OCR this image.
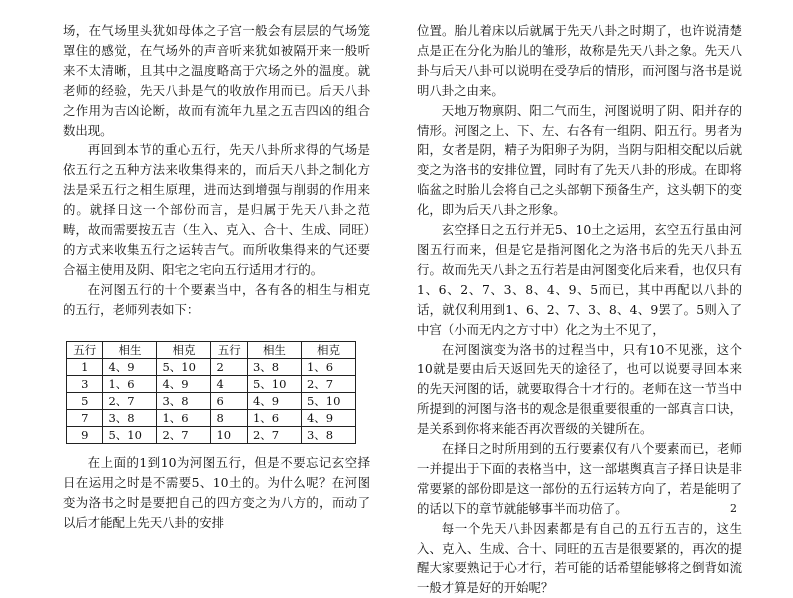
场，在气场里头犹如母体之子宫一般会有层层的气场笼罩住的感觉，在气场外的声音听来犹如被隔开来一般听来不太清晰，且其中之温度略高于穴场之外的温度。就老师的经验，先天八卦是气的收放作用而已。后天八卦之作用为吉凶论断，故而有流年九星之五吉四凶的组合数出现。

再回到本节的重心五行，先天八卦所求得的气场是依五行之五种方法来收集得来的，而后天八卦之制化方法是采五行之相生原理，进而达到增强与削弱的作用来的。就择日这一个部份而言，是归属于先天八卦之范畴，故而需要按五吉（生入、克入、合十、生成、同旺）的方式来收集五行之运转吉气。而所收集得来的气还要合福主使用及阴、阳宅之宅向五行适用才行的。

在河图五行的十个要素当中，各有各的相生与相克的五行，老师列表如下：

五行	相生	相克	五行	相生	相克
1	4、9	5、10	2	3、8	1、6
3	1、6	4、9	4	5、10	2、7
5	2、7	3、8	6	4、9	5、10
7	3、8	1、6	8	1、6	4、9
9	5、10	2、7	10	2、7	3、8

在上面的1到10为河图五行，但是不要忘记玄空择日在运用之时是不需要5、10土的。为什么呢？在河图变为洛书之时是要把自己的四方变之为八方的，而动了以后才能配上先天八卦的安排

位置。胎儿着床以后就属于先天八卦之时期了，也许说清楚点是正在分化为胎儿的雏形，故称是先天八卦之象。先天八卦与后天八卦可以说明在受孕后的情形，而河图与洛书是说明八卦之由来。

天地万物禀阴、阳二气而生，河图说明了阴、阳并存的情形。河图之上、下、左、右各有一组阴、阳五行。男者为阳，女者是阴，精子为阳卵子为阴，当阴与阳相交配以后就变之为洛书的安排位置，同时有了先天八卦的形成。在即将临盆之时胎儿会将自己之头部朝下预备生产，这头朝下的变化，即为后天八卦之形象。

玄空择日之五行并无5、10土之运用，玄空五行虽由河图五行而来，但是它是指河图化之为洛书后的先天八卦五行。故而先天八卦之五行若是由河图变化后来看，也仅只有1、6、2、7、3、8、4、9、5而已，其中再配以八卦的话，就仅利用到1、6、2、7、3、8、4、9罢了。5则入了中宫（小而无内之方寸中）化之为土不见了，

在河图演变为洛书的过程当中，只有10不见涨，这个10就是要由后天返回先天的途径了，也可以说要寻回本来的先天河图的话，就要取得合十才行的。老师在这一节当中所提到的河图与洛书的观念是很重要很重的一部真言口诀，是关系到你将来能否再次晋级的关键所在。

在择日之时所用到的五行要素仅有八个要素而已，老师一并提出于下面的表格当中，这一部堪舆真言子择日诀是非常要紧的部份即是这一部份的五行运转方向了，若是能明了的话以下的章节就能够事半而功倍了。

每一个先天八卦因素都是有自己的五行五吉的，这生入、克入、生成、合十、同旺的五吉是很要紧的，再次的提醒大家要熟记于心才行，若可能的话希望能够将之倒背如流一般才算是好的开始呢？

2
